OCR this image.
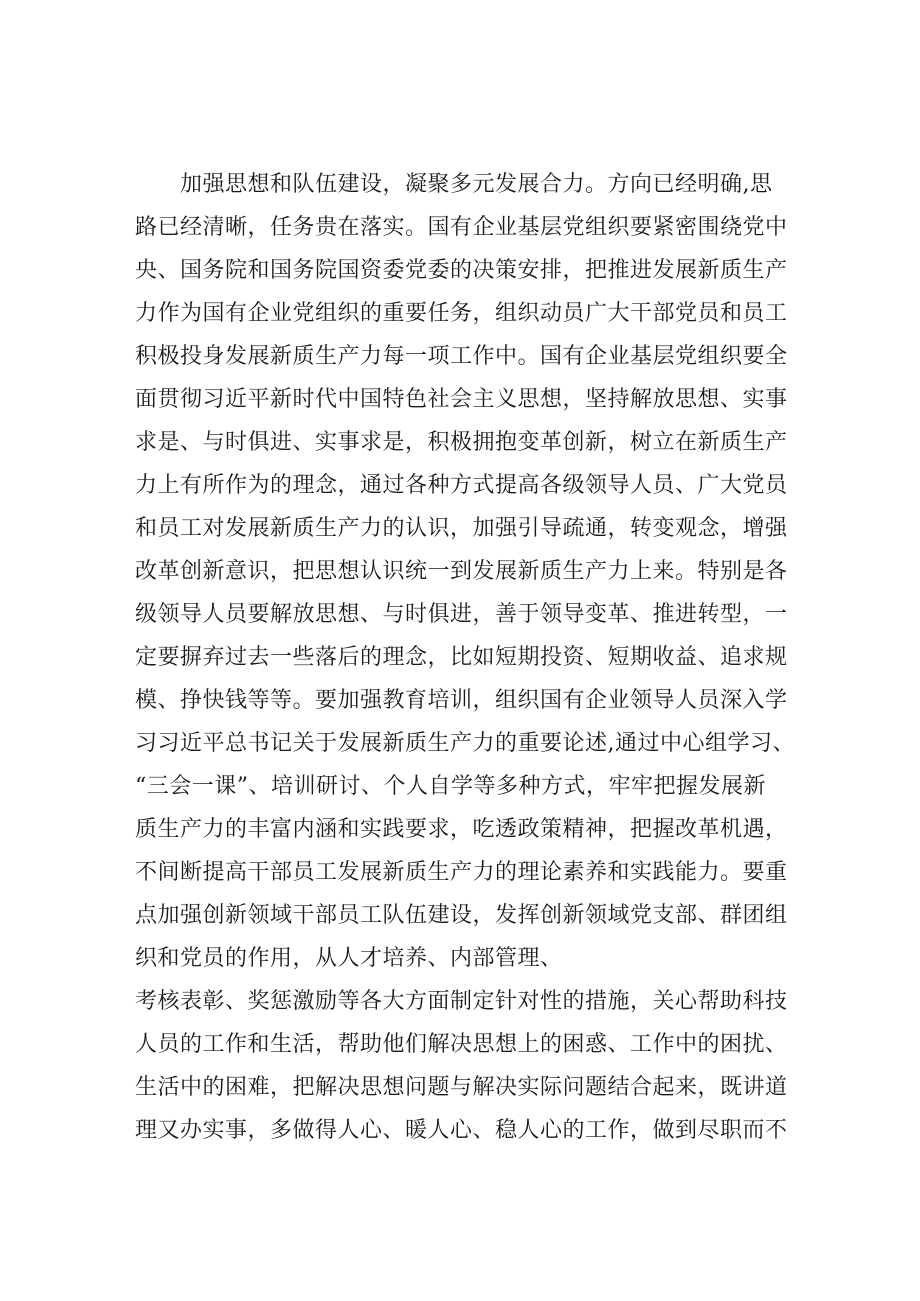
加强思想和队伍建设，凝聚多元发展合力。方向已经明确,思
路已经清晰，任务贵在落实。国有企业基层党组织要紧密围绕党中
央、国务院和国务院国资委党委的决策安排，把推进发展新质生产
力作为国有企业党组织的重要任务，组织动员广大干部党员和员工
积极投身发展新质生产力每一项工作中。国有企业基层党组织要全
面贯彻习近平新时代中国特色社会主义思想，坚持解放思想、实事
求是、与时俱进、实事求是，积极拥抱变革创新，树立在新质生产
力上有所作为的理念，通过各种方式提高各级领导人员、广大党员
和员工对发展新质生产力的认识，加强引导疏通，转变观念，增强
改革创新意识，把思想认识统一到发展新质生产力上来。特别是各
级领导人员要解放思想、与时俱进，善于领导变革、推进转型，一
定要摒弃过去一些落后的理念，比如短期投资、短期收益、追求规
模、挣快钱等等。要加强教育培训，组织国有企业领导人员深入学
习习近平总书记关于发展新质生产力的重要论述,通过中心组学习、
“三会一课”、培训研讨、个人自学等多种方式，牢牢把握发展新
质生产力的丰富内涵和实践要求，吃透政策精神，把握改革机遇，
不间断提高干部员工发展新质生产力的理论素养和实践能力。要重
点加强创新领域干部员工队伍建设，发挥创新领域党支部、群团组
织和党员的作用，从人才培养、内部管理、
考核表彰、奖惩激励等各大方面制定针对性的措施，关心帮助科技
人员的工作和生活，帮助他们解决思想上的困惑、工作中的困扰、
生活中的困难，把解决思想问题与解决实际问题结合起来，既讲道
理又办实事，多做得人心、暖人心、稳人心的工作，做到尽职而不
